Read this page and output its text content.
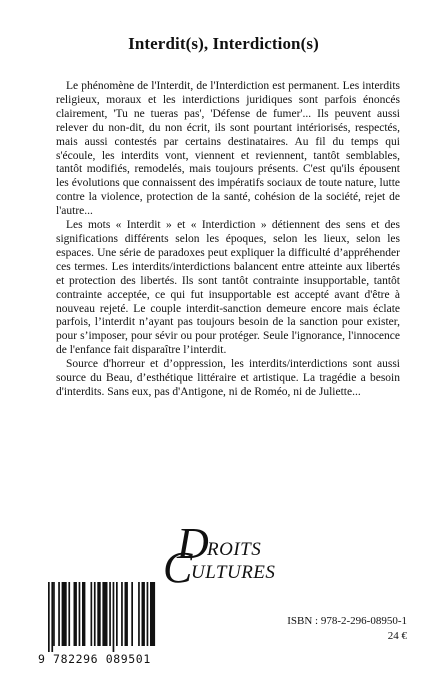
Interdit(s), Interdiction(s)

Le phénomène de l'Interdit, de l'Interdiction est permanent. Les interdits religieux, moraux et les interdictions juridiques sont parfois énoncés clairement, 'Tu ne tueras pas', 'Défense de fumer'... Ils peuvent aussi relever du non-dit, du non écrit, ils sont pourtant intériorisés, respectés, mais aussi contestés par certains destinataires. Au fil du temps qui s'écoule, les interdits vont, viennent et reviennent, tantôt semblables, tantôt modifiés, remodelés, mais toujours présents. C'est qu'ils épousent les évolutions que connaissent des impératifs sociaux de toute nature, lutte contre la violence, protection de la santé, cohésion de la société, rejet de l'autre...

Les mots « Interdit » et « Interdiction » détiennent des sens et des significations différents selon les époques, selon les lieux, selon les espaces. Une série de paradoxes peut expliquer la difficulté d’appréhender ces termes. Les interdits/interdictions balancent entre atteinte aux libertés et protection des libertés. Ils sont tantôt contrainte insupportable, tantôt contrainte acceptée, ce qui fut insupportable est accepté avant d'être à nouveau rejeté. Le couple interdit-sanction demeure encore mais éclate parfois, l’interdit n’ayant pas toujours besoin de la sanction pour exister, pour s’imposer, pour sévir ou pour protéger. Seule l'ignorance, l'innocence de l'enfance fait disparaître l’interdit.

Source d'horreur et d’oppression, les interdits/interdictions sont aussi source du Beau, d’esthétique littéraire et artistique. La tragédie a besoin d'interdits. Sans eux, pas d'Antigone, ni de Roméo, ni de Juliette...

D
ROITS
C
ULTURES
9 782296 089501
ISBN : 978-2-296-08950-1
24 €
